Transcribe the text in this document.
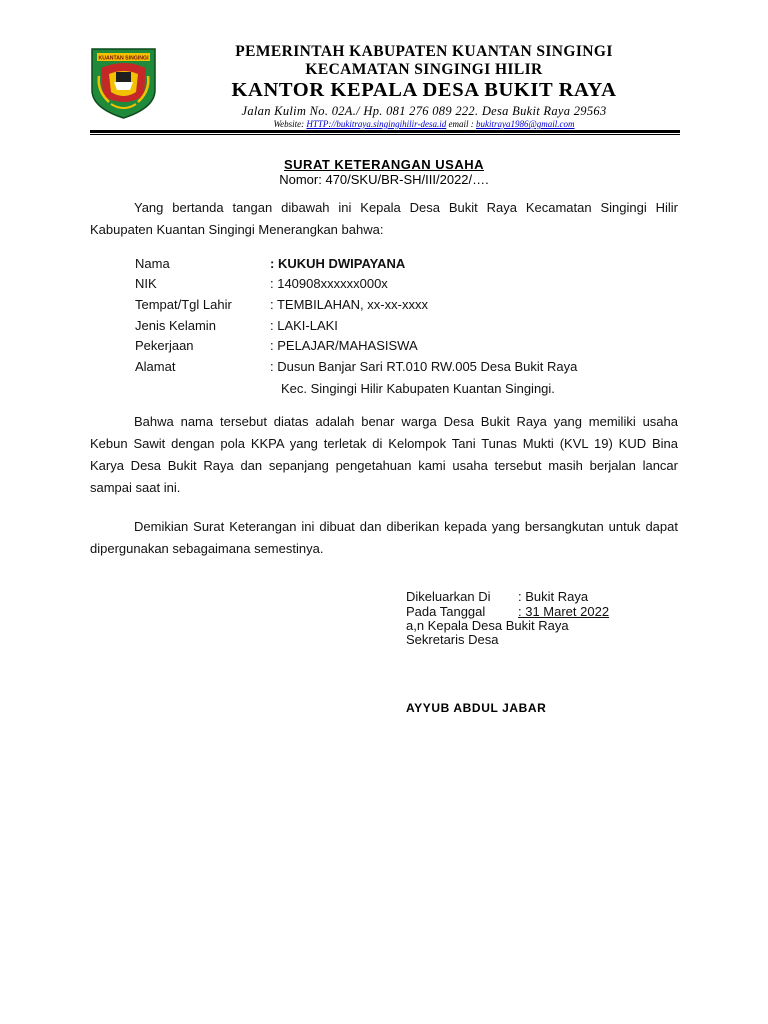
KUANTAN SINGINGI	PEMERINTAH KABUPATEN KUANTAN SINGINGI
KECAMATAN SINGINGI HILIR
KANTOR KEPALA DESA BUKIT RAYA
Jalan Kulim No. 02A./ Hp. 081 276 089 222. Desa Bukit Raya 29563
Website: HTTP://bukitraya.singingihilir-desa.id email : bukitraya1986@gmail.com
SURAT KETERANGAN USAHA
Nomor: 470/SKU/BR-SH/III/2022/….
Yang bertanda tangan dibawah ini Kepala Desa Bukit Raya Kecamatan Singingi Hilir Kabupaten Kuantan Singingi Menerangkan bahwa:
Nama	: KUKUH DWIPAYANA
NIK	: 140908xxxxxx000x
Tempat/Tgl Lahir	: TEMBILAHAN, xx-xx-xxxx
Jenis Kelamin	: LAKI-LAKI
Pekerjaan	: PELAJAR/MAHASISWA
Alamat	: Dusun Banjar Sari RT.010 RW.005 Desa Bukit Raya
Kec. Singingi Hilir Kabupaten Kuantan Singingi.
Bahwa nama tersebut diatas adalah benar warga Desa Bukit Raya yang memiliki usaha Kebun Sawit dengan pola KKPA yang terletak di Kelompok Tani Tunas Mukti (KVL 19) KUD Bina Karya Desa Bukit Raya dan sepanjang pengetahuan kami usaha tersebut masih berjalan lancar sampai saat ini.
Demikian Surat Keterangan ini dibuat dan diberikan kepada yang bersangkutan untuk dapat dipergunakan sebagaimana semestinya.
Dikeluarkan Di : Bukit Raya
Pada Tanggal	: 31 Maret 2022
a,n Kepala Desa Bukit Raya
Sekretaris Desa
AYYUB ABDUL JABAR
